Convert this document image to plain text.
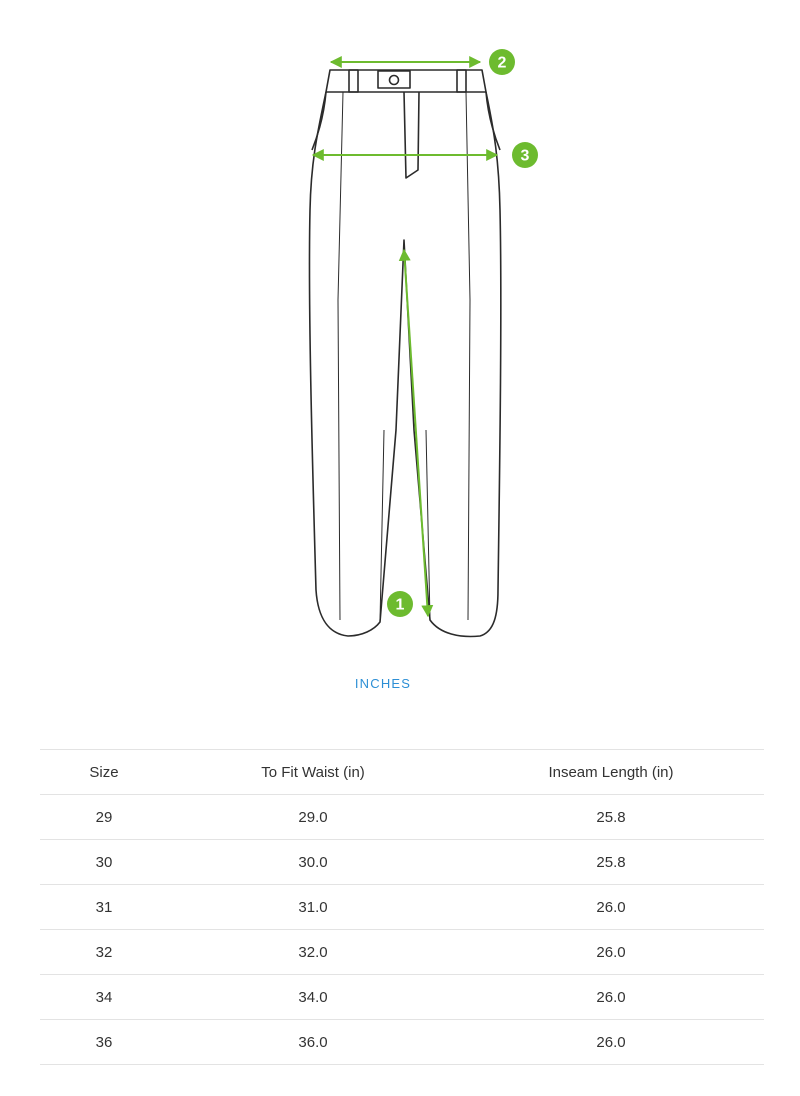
2
3
1
INCHES
Size	To Fit Waist (in)	Inseam Length (in)
29	29.0	25.8
30	30.0	25.8
31	31.0	26.0
32	32.0	26.0
34	34.0	26.0
36	36.0	26.0
